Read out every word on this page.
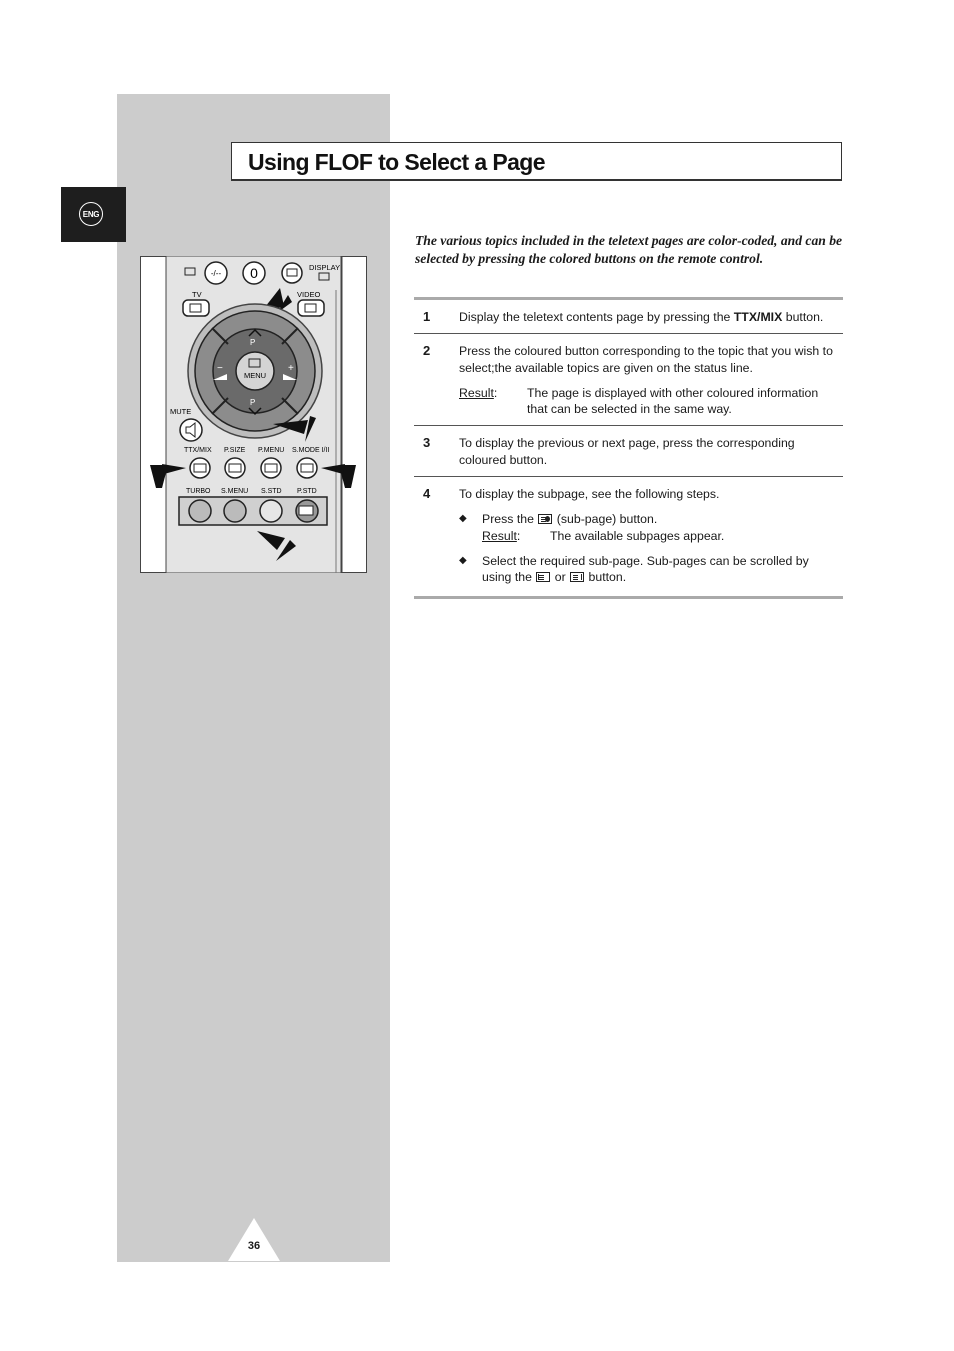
ENG
Using FLOF to Select a Page
The various topics included in the teletext pages are color-coded, and can be selected by pressing the colored buttons on the remote control.
-/-- 0	DISPLAY
TV	VIDEO
P
P
−	+
MENU
MUTE
TTX/MIX P.SIZE P.MENU S.MODE I/II
TURBO S.MENU S.STD P.STD
1 Display the teletext contents page by pressing the TTX/MIX button.
2 Press the coloured button corresponding to the topic that you wish to select;the available topics are given on the status line.
Result:	The page is displayed with other coloured information that can be selected in the same way.
3 To display the previous or next page, press the corresponding coloured button.
4 To display the subpage, see the following steps.
◆ Press the  (sub-page) button.
Result:	The available subpages appear.
◆ Select the required sub-page. Sub-pages can be scrolled by using the  or  button.
36
